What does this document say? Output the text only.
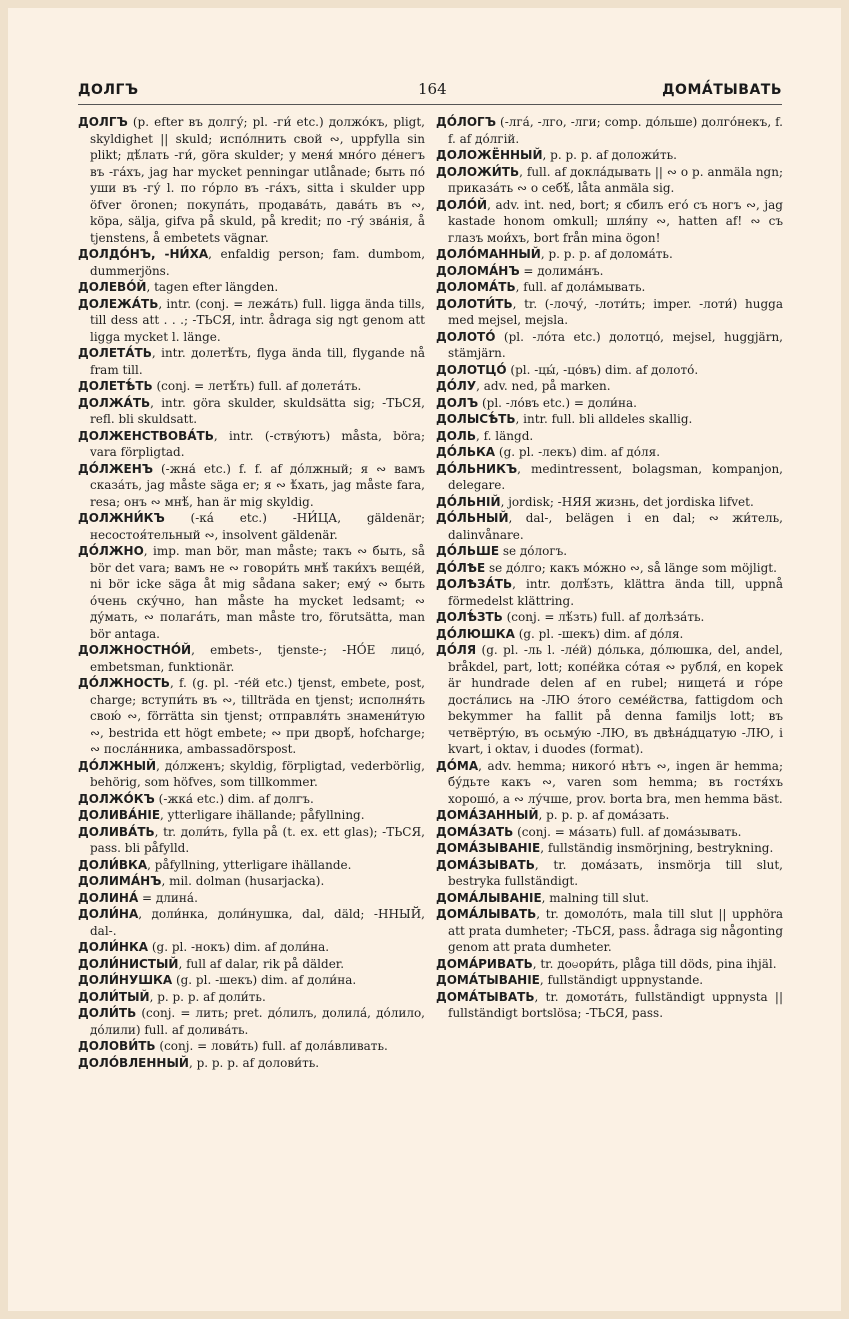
ДОЛГЪ	164	ДОМА́ТЫВАТЬ

ДОЛГЪ (p. efter въ долгу́; pl. -ги́ etc.) должо́къ, pligt, skyldighet || skuld; испо́лнить свой ∾, uppfylla sin plikt; дѣ́лать -ги́, göra skulder; у меня́ мно́го де́негъ въ -га́хъ, jag har mycket penningar utlånade; быть по́ уши въ -гу́ l. по го́рло въ -га́хъ, sitta i skulder upp öfver öronen; покупа́ть, продава́ть, дава́ть въ ∾, köpa, sälja, gifva på skuld, på kredit; по -гу́ зва́нія, å tjenstens, å embetets vägnar.

ДОЛДО́НЪ, -НИ́ХА, enfaldig person; fam. dumbom, dummerjöns.

ДОЛЕВО́Й, tagen efter längden.

ДОЛЕЖА́ТЬ, intr. (conj. = лежа́ть) full. ligga ända tills, till dess att . . .; -ТЬСЯ, intr. ådraga sig ngt genom att ligga mycket l. länge.

ДОЛЕТА́ТЬ, intr. долетѣ́ть, flyga ända till, flygande nå fram till.

ДОЛЕТѢ́ТЬ (conj. = летѣ́ть) full. af долета́ть.

ДОЛЖА́ТЬ, intr. göra skulder, skuldsätta sig; -ТЬСЯ, refl. bli skuldsatt.

ДОЛЖЕНСТВОВА́ТЬ, intr. (-ству́ютъ) måsta, böra; vara förpligtad.

ДО́ЛЖЕНЪ (-жна́ etc.) f. f. af до́лжный; я ∾ вамъ сказа́ть, jag måste säga er; я ∾ ѣ́хать, jag måste fara, resa; онъ ∾ мнѣ́, han är mig skyldig.

ДОЛЖНИ́КЪ (-ка́ etc.) -НИ́ЦА, gäldenär; несостоя́тельный ∾, insolvent gäldenär.

ДО́ЛЖНО, imp. man bör, man måste; такъ ∾ быть, så bör det vara; вамъ не ∾ говори́ть мнѣ́ таки́хъ веще́й, ni bör icke säga åt mig sådana saker; ему́ ∾ быть о́чень ску́чно, han måste ha mycket ledsamt; ∾ ду́мать, ∾ полага́ть, man måste tro, förutsätta, man bör antaga.

ДОЛЖНОСТНО́Й, embets-, tjenste-; -НО́Е лицо́, embetsman, funktionär.

ДО́ЛЖНОСТЬ, f. (g. pl. -те́й etc.) tjenst, embete, post, charge; вступи́ть въ ∾, tillträda en tjenst; исполня́ть свою́ ∾, förrätta sin tjenst; отправля́ть знамени́тую ∾, bestrida ett högt embete; ∾ при дворѣ́, hofcharge; ∾ посла́нника, ambassadörspost.

ДО́ЛЖНЫЙ, до́лженъ; skyldig, förpligtad, vederbörlig, behörig, som höfves, som tillkommer.

ДОЛЖО́КЪ (-жка́ etc.) dim. af долгъ.

ДОЛИВА́НІЕ, ytterligare ihällande; påfyllning.

ДОЛИВА́ТЬ, tr. доли́ть, fylla på (t. ex. ett glas); -ТЬСЯ, pass. bli påfylld.

ДОЛИ́ВКА, påfyllning, ytterligare ihällande.

ДОЛИМА́НЪ, mil. dolman (husarjacka).

ДОЛИНА́ = длина́.

ДОЛИ́НА, доли́нка, доли́нушка, dal, däld; -ННЫЙ, dal-.

ДОЛИ́НКА (g. pl. -нокъ) dim. af доли́на.

ДОЛИ́НИСТЫЙ, full af dalar, rik på dälder.

ДОЛИ́НУШКА (g. pl. -шекъ) dim. af доли́на.

ДОЛИ́ТЫЙ, p. p. p. af доли́ть.

ДОЛИ́ТЬ (conj. = лить; pret. до́лилъ, долила́, до́лило, до́лили) full. af долива́ть.

ДОЛОВИ́ТЬ (conj. = лови́ть) full. af дола́вливать.

ДОЛО́ВЛЕННЫЙ, p. p. p. af долови́ть.

ДО́ЛОГЪ (-лга́, -лго, -лги; comp. до́льше) долго́некъ, f. f. af до́лгій.

ДОЛОЖЁННЫЙ, p. p. p. af доложи́ть.

ДОЛОЖИ́ТЬ, full. af докла́дывать || ∾ о p. anmäla ngn; приказа́ть ∾ о себѣ́, låta anmäla sig.

ДОЛО́Й, adv. int. ned, bort; я сбилъ его́ съ ногъ ∾, jag kastade honom omkull; шля́пу ∾, hatten af! ∾ съ глазъ мои́хъ, bort från mina ögon!

ДОЛО́МАННЫЙ, p. p. p. af долома́ть.

ДОЛОМА́НЪ = долима́нъ.

ДОЛОМА́ТЬ, full. af дола́мывать.

ДОЛОТИ́ТЬ, tr. (-лочу́, -лоти́ть; imper. -лоти́) hugga med mejsel, mejsla.

ДОЛОТО́ (pl. -ло́та etc.) долотцо́, mejsel, huggjärn, stämjärn.

ДОЛОТЦО́ (pl. -цы́, -цо́въ) dim. af долото́.

ДО́ЛУ, adv. ned, på marken.

ДОЛЪ (pl. -ло́въ etc.) = доли́на.

ДОЛЫСѢ́ТЬ, intr. full. bli alldeles skallig.

ДОЛЬ, f. längd.

ДО́ЛЬКА (g. pl. -лекъ) dim. af до́ля.

ДО́ЛЬНИКЪ, medintressent, bolagsman, kompanjon, delegare.

ДО́ЛЬНІЙ, jordisk; -НЯЯ жизнь, det jordiska lifvet.

ДО́ЛЬНЫЙ, dal-, belägen i en dal; ∾ жи́тель, dalinvånare.

ДО́ЛЬШЕ se до́логъ.

ДО́ЛѢЕ se до́лго; какъ мо́жно ∾, så länge som möjligt.

ДОЛѢЗА́ТЬ, intr. долѣ́зть, klättra ända till, uppnå förmedelst klättring.

ДОЛѢ́ЗТЬ (conj. = лѣ́зть) full. af долѣза́ть.

ДО́ЛЮШКА (g. pl. -шекъ) dim. af до́ля.

ДО́ЛЯ (g. pl. -ль l. -ле́й) до́лька, до́люшка, del, andel, bråkdel, part, lott; копе́йка со́тая ∾ рубля́, en kopek är hundrade delen af en rubel; нищета́ и го́ре доста́лись на -ЛЮ э́того семе́йства, fattigdom och bekymmer ha fallit på denna familjs lott; въ четвёрту́ю, въ осьму́ю -ЛЮ, въ двѣна́дцатую -ЛЮ, i kvart, i oktav, i duodes (format).

ДО́МА, adv. hemma; никого́ нѣтъ ∾, ingen är hemma; бу́дьте какъ ∾, varen som hemma; въ гостя́хъ хорошо́, а ∾ лу́чше, prov. borta bra, men hemma bäst.

ДОМА́ЗАННЫЙ, p. p. p. af дома́зать.

ДОМА́ЗАТЬ (conj. = ма́зать) full. af дома́зывать.

ДОМА́ЗЫВАНІЕ, fullständig insmörjning, bestrykning.

ДОМА́ЗЫВАТЬ, tr. дома́зать, insmörja till slut, bestryka fullständigt.

ДОМА́ЛЫВАНІЕ, malning till slut.

ДОМА́ЛЫВАТЬ, tr. домоло́ть, mala till slut || upphöra att prata dumheter; -ТЬСЯ, pass. ådraga sig någonting genom att prata dumheter.

ДОМА́РИВАТЬ, tr. доမори́ть, plåga till döds, pina ihjäl.

ДОМА́ТЫВАНІЕ, fullständigt uppnystande.

ДОМА́ТЫВАТЬ, tr. домота́ть, fullständigt uppnysta || fullständigt bortslösa; -ТЬСЯ, pass.
